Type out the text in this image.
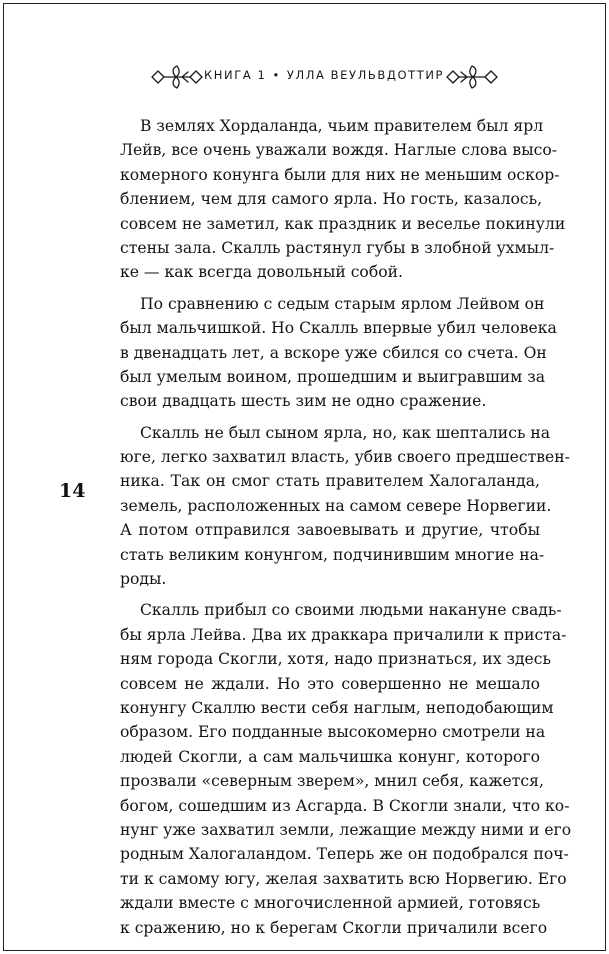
КНИГА 1 • УЛЛА ВЕУЛЬВДОТТИР
14
В землях Хордаланда, чьим правителем был ярл
Лейв, все очень уважали вождя. Наглые слова высо-
комерного конунга были для них не меньшим оскор-
блением, чем для самого ярла. Но гость, казалось,
совсем не заметил, как праздник и веселье покинули
стены зала. Скалль растянул губы в злобной ухмыл-
ке — как всегда довольный собой.
По сравнению с седым старым ярлом Лейвом он
был мальчишкой. Но Скалль впервые убил человека
в двенадцать лет, а вскоре уже сбился со счета. Он
был умелым воином, прошедшим и выигравшим за
свои двадцать шесть зим не одно сражение.
Скалль не был сыном ярла, но, как шептались на
юге, легко захватил власть, убив своего предшествен-
ника. Так он смог стать правителем Халогаланда,
земель, расположенных на самом севере Норвегии.
А потом отправился завоевывать и другие, чтобы
стать великим конунгом, подчинившим многие на-
роды.
Скалль прибыл со своими людьми накануне свадь-
бы ярла Лейва. Два их драккара причалили к приста-
ням города Скогли, хотя, надо признаться, их здесь
совсем не ждали. Но это совершенно не мешало
конунгу Скаллю вести себя наглым, неподобающим
образом. Его подданные высокомерно смотрели на
людей Скогли, а сам мальчишка конунг, которого
прозвали «северным зверем», мнил себя, кажется,
богом, сошедшим из Асгарда. В Скогли знали, что ко-
нунг уже захватил земли, лежащие между ними и его
родным Халогаландом. Теперь же он подобрался поч-
ти к самому югу, желая захватить всю Норвегию. Его
ждали вместе с многочисленной армией, готовясь
к сражению, но к берегам Скогли причалили всего
